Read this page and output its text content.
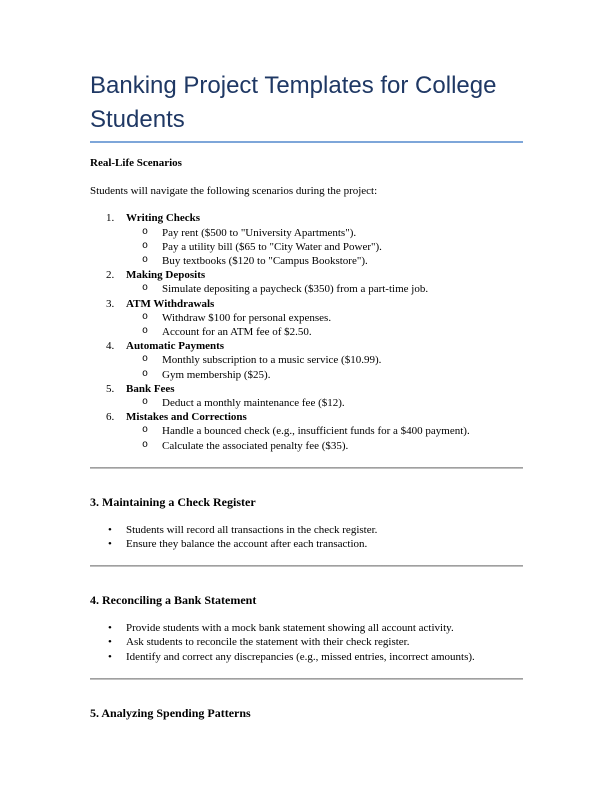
Banking Project Templates for College Students
Real-Life Scenarios
Students will navigate the following scenarios during the project:
1.	Writing Checks
o	Pay rent ($500 to "University Apartments").
o	Pay a utility bill ($65 to "City Water and Power").
o	Buy textbooks ($120 to "Campus Bookstore").
2.	Making Deposits
o	Simulate depositing a paycheck ($350) from a part-time job.
3.	ATM Withdrawals
o	Withdraw $100 for personal expenses.
o	Account for an ATM fee of $2.50.
4.	Automatic Payments
o	Monthly subscription to a music service ($10.99).
o	Gym membership ($25).
5.	Bank Fees
o	Deduct a monthly maintenance fee ($12).
6.	Mistakes and Corrections
o	Handle a bounced check (e.g., insufficient funds for a $400 payment).
o	Calculate the associated penalty fee ($35).
3. Maintaining a Check Register
•	Students will record all transactions in the check register.
•	Ensure they balance the account after each transaction.
4. Reconciling a Bank Statement
•	Provide students with a mock bank statement showing all account activity.
•	Ask students to reconcile the statement with their check register.
•	Identify and correct any discrepancies (e.g., missed entries, incorrect amounts).
5. Analyzing Spending Patterns
